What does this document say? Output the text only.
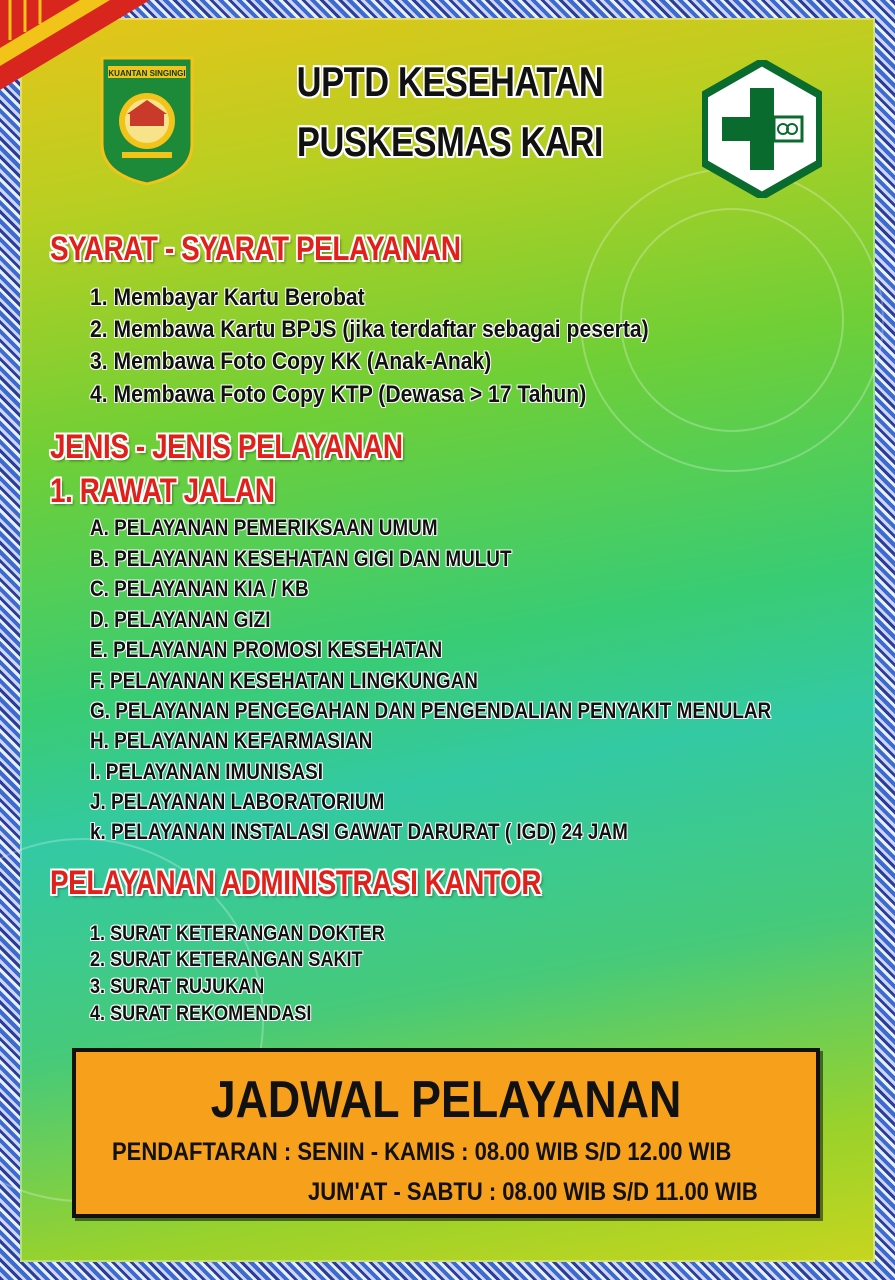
KUANTAN SINGINGI	UPTD KESEHATAN
PUSKESMAS KARI
SYARAT - SYARAT PELAYANAN
1. Membayar Kartu Berobat
2. Membawa Kartu BPJS (jika terdaftar sebagai peserta)
3. Membawa Foto Copy KK (Anak-Anak)
4. Membawa Foto Copy KTP (Dewasa > 17 Tahun)
JENIS - JENIS PELAYANAN
1. RAWAT JALAN
A. PELAYANAN PEMERIKSAAN UMUM
B. PELAYANAN KESEHATAN GIGI DAN MULUT
C. PELAYANAN KIA / KB
D. PELAYANAN GIZI
E. PELAYANAN PROMOSI KESEHATAN
F. PELAYANAN KESEHATAN LINGKUNGAN
G. PELAYANAN PENCEGAHAN DAN PENGENDALIAN PENYAKIT MENULAR
H. PELAYANAN KEFARMASIAN
I. PELAYANAN IMUNISASI
J. PELAYANAN LABORATORIUM
k. PELAYANAN INSTALASI GAWAT DARURAT ( IGD) 24 JAM
PELAYANAN ADMINISTRASI KANTOR
1. SURAT KETERANGAN DOKTER
2. SURAT KETERANGAN SAKIT
3. SURAT RUJUKAN
4. SURAT REKOMENDASI
JADWAL PELAYANAN
PENDAFTARAN : SENIN - KAMIS : 08.00 WIB S/D 12.00 WIB
JUM'AT - SABTU : 08.00 WIB S/D 11.00 WIB
